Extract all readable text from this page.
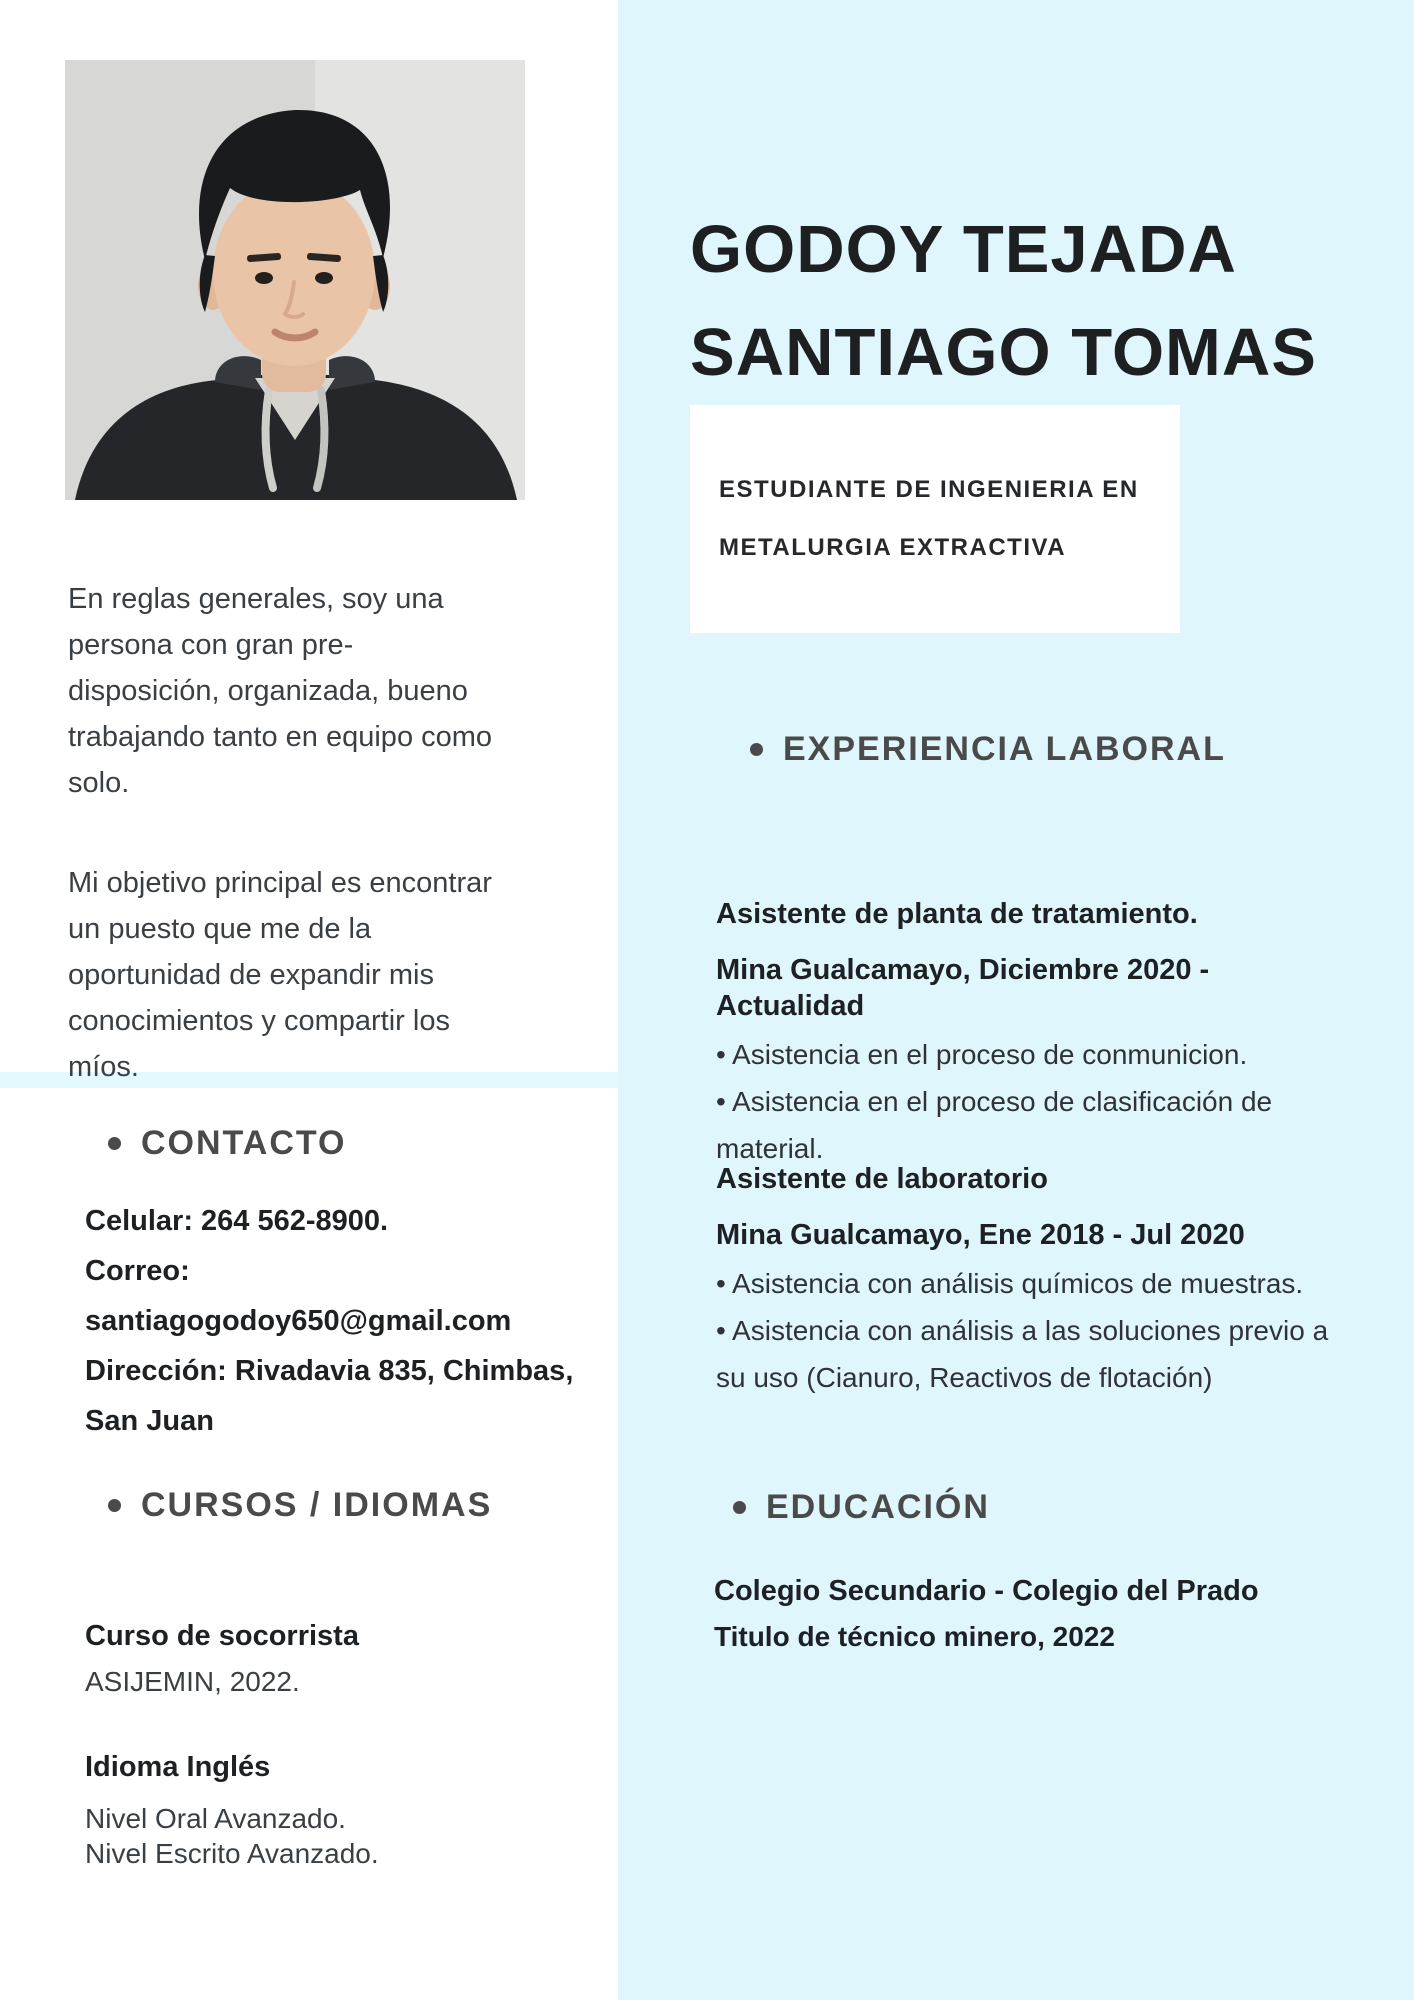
En reglas generales, soy una persona con gran pre-disposición, organizada, bueno trabajando tanto en equipo como solo.

Mi objetivo principal es encontrar un puesto que me de la oportunidad de expandir mis conocimientos y compartir los míos.

CONTACTO
Celular: 264 562-8900.
Correo: santiagogodoy650@gmail.com
Dirección: Rivadavia 835, Chimbas, San Juan
CURSOS / IDIOMAS
Curso de socorrista
ASIJEMIN, 2022.
Idioma Inglés
Nivel Oral Avanzado.
Nivel Escrito Avanzado.
GODOY TEJADA
SANTIAGO TOMAS
ESTUDIANTE DE INGENIERIA EN
METALURGIA EXTRACTIVA
EXPERIENCIA LABORAL

Asistente de planta de tratamiento.

Mina Gualcamayo, Diciembre 2020 -Actualidad

• Asistencia en el proceso de conmunicion.
• Asistencia en el proceso de clasificación de material.

Asistente de laboratorio

Mina Gualcamayo, Ene 2018 - Jul 2020

• Asistencia con análisis químicos de muestras.
• Asistencia con análisis a las soluciones previo a su uso (Cianuro, Reactivos de flotación)
EDUCACIÓN
Colegio Secundario - Colegio del Prado
Titulo de técnico minero, 2022
